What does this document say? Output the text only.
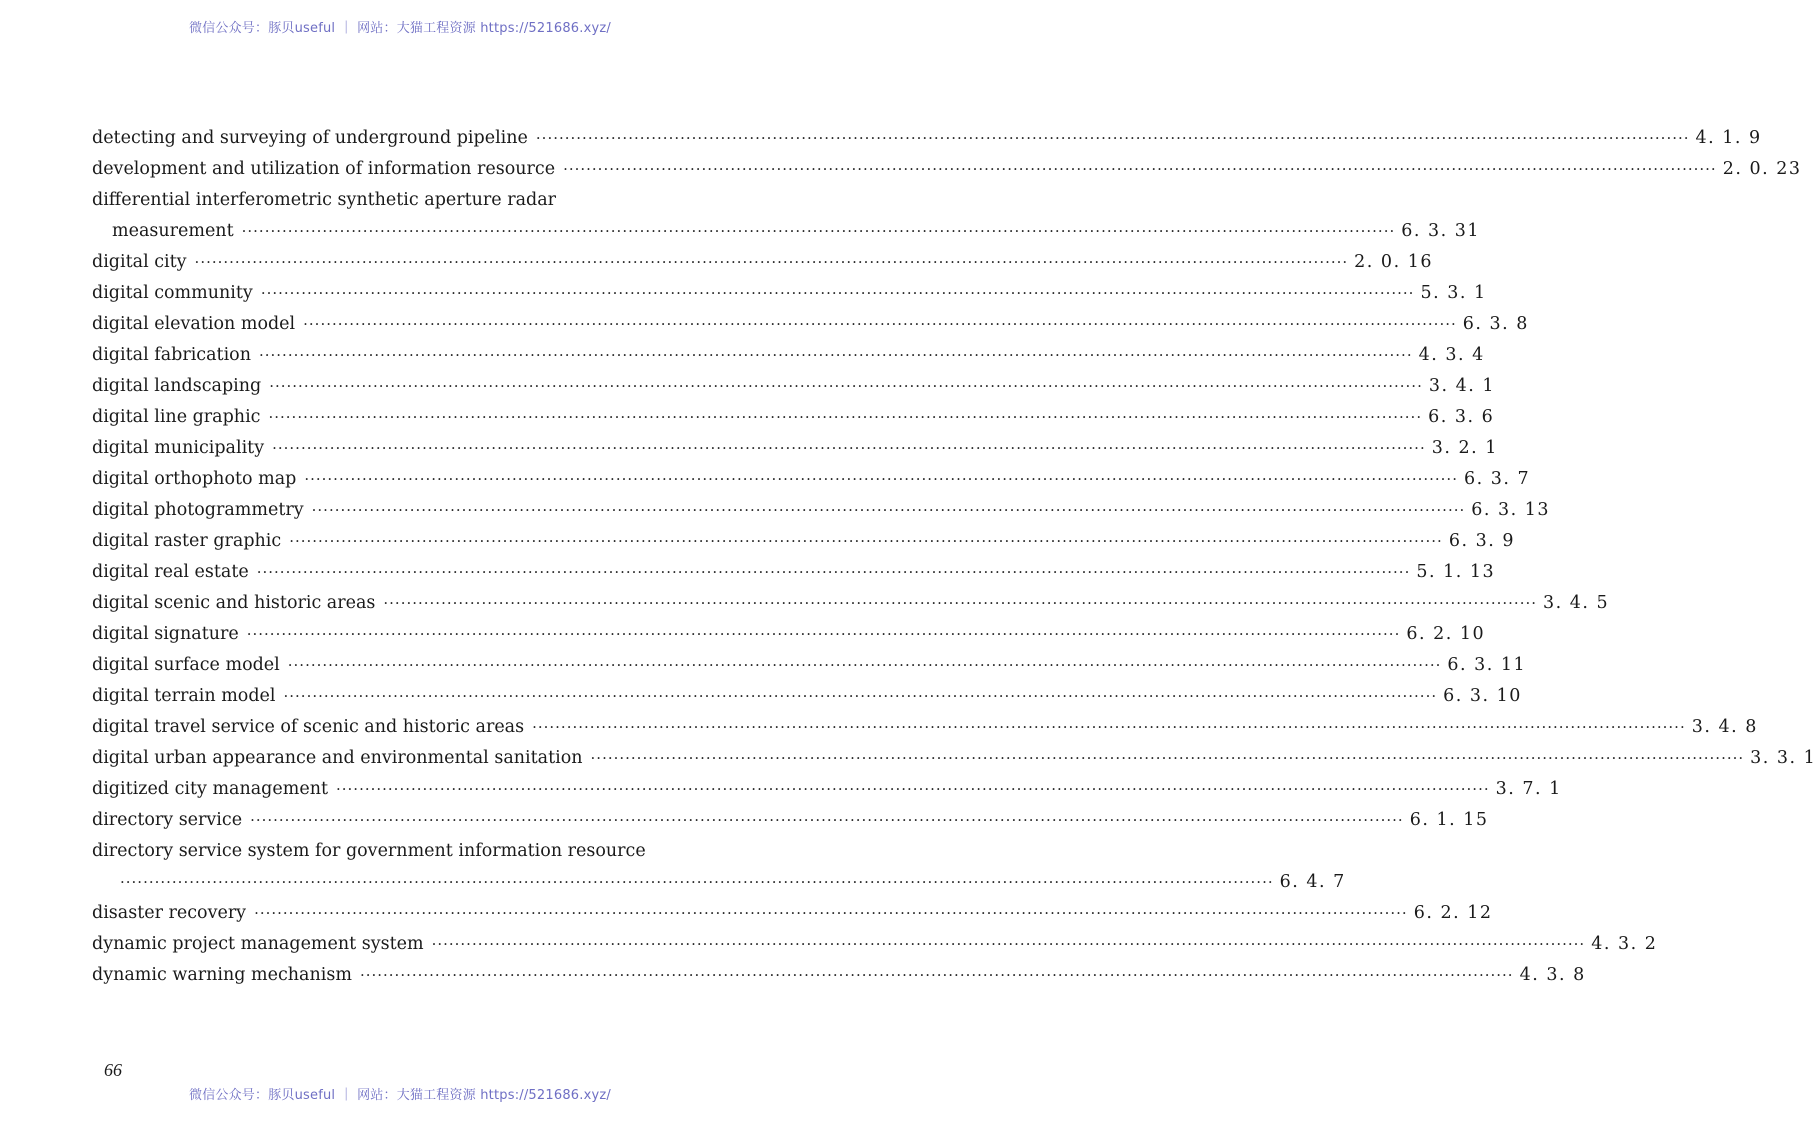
微信公众号：豚贝useful ｜ 网站：大猫工程资源 https://521686.xyz/
detecting and surveying of underground pipeline ········································································································································································································ 4. 1. 9
development and utilization of information resource ········································································································································································································ 2. 0. 23
differential interferometric synthetic aperture radar
measurement ········································································································································································································ 6. 3. 31
digital city ········································································································································································································ 2. 0. 16
digital community ········································································································································································································ 5. 3. 1
digital elevation model ········································································································································································································ 6. 3. 8
digital fabrication ········································································································································································································ 4. 3. 4
digital landscaping ········································································································································································································ 3. 4. 1
digital line graphic ········································································································································································································ 6. 3. 6
digital municipality ········································································································································································································ 3. 2. 1
digital orthophoto map ········································································································································································································ 6. 3. 7
digital photogrammetry ········································································································································································································ 6. 3. 13
digital raster graphic ········································································································································································································ 6. 3. 9
digital real estate ········································································································································································································ 5. 1. 13
digital scenic and historic areas ········································································································································································································ 3. 4. 5
digital signature ········································································································································································································ 6. 2. 10
digital surface model ········································································································································································································ 6. 3. 11
digital terrain model ········································································································································································································ 6. 3. 10
digital travel service of scenic and historic areas ········································································································································································································ 3. 4. 8
digital urban appearance and environmental sanitation ········································································································································································································ 3. 3. 1
digitized city management ········································································································································································································ 3. 7. 1
directory service ········································································································································································································ 6. 1. 15
directory service system for government information resource
········································································································································································································ 6. 4. 7
disaster recovery ········································································································································································································ 6. 2. 12
dynamic project management system ········································································································································································································ 4. 3. 2
dynamic warning mechanism ········································································································································································································ 4. 3. 8
66
微信公众号：豚贝useful ｜ 网站：大猫工程资源 https://521686.xyz/
